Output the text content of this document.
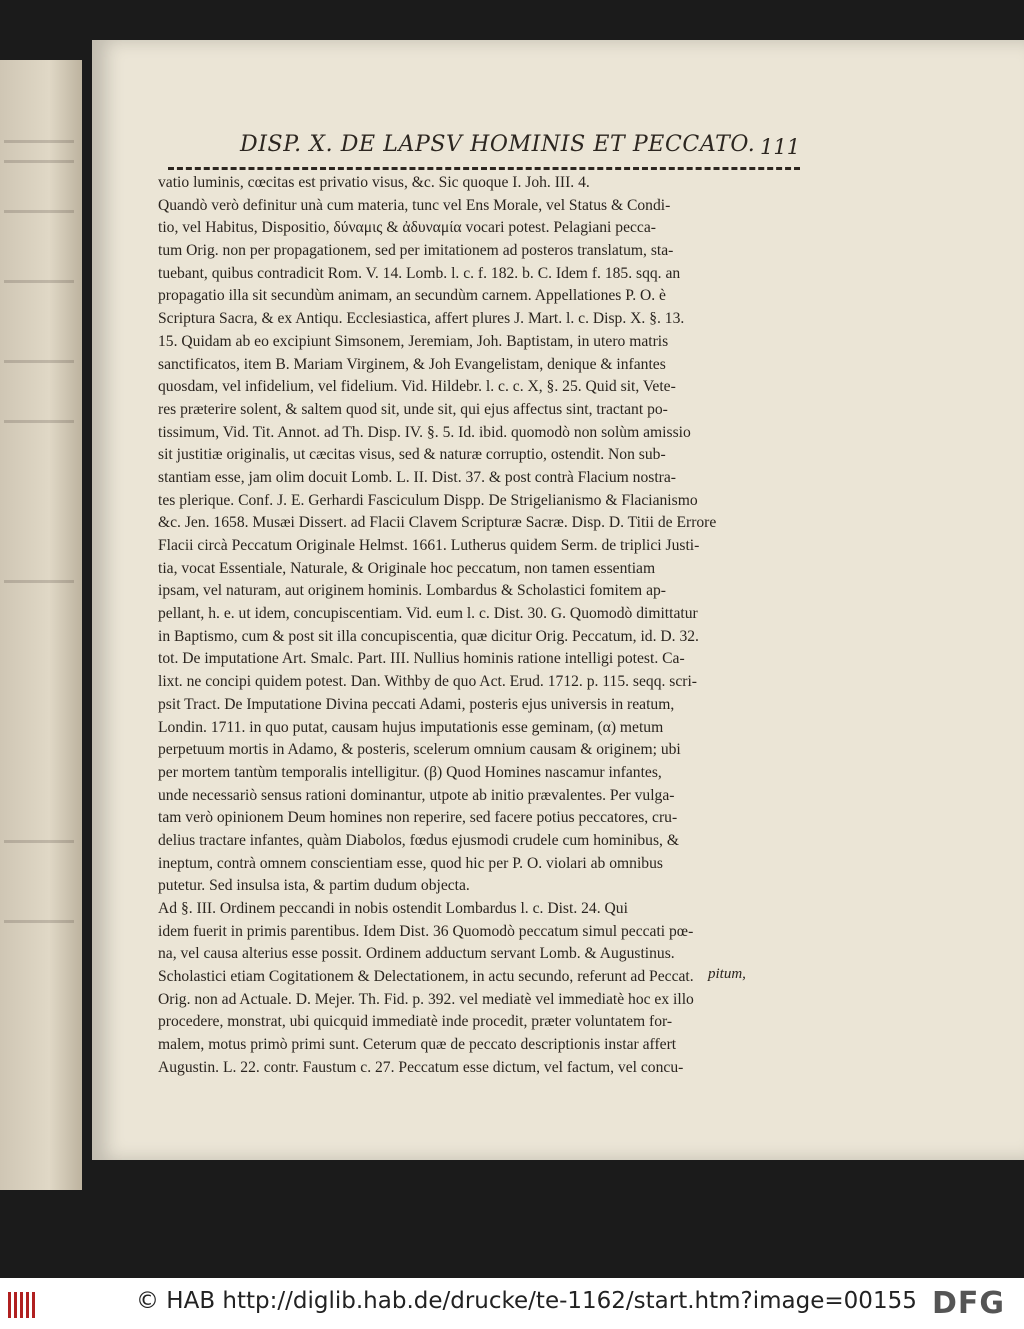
DISP. X. DE LAPSV HOMINIS ET PECCATO. 111
vatio luminis, cœcitas est privatio visus, &c. Sic quoque I. Joh. III. 4.
Quandò verò definitur unà cum materia, tunc vel Ens Morale, vel Status & Condi-
tio, vel Habitus, Dispositio, δύναμις & ἀδυναμία vocari potest. Pelagiani pecca-
tum Orig. non per propagationem, sed per imitationem ad posteros translatum, sta-
tuebant, quibus contradicit Rom. V. 14. Lomb. l. c. f. 182. b. C. Idem f. 185. sqq. an
propagatio illa sit secundùm animam, an secundùm carnem. Appellationes P. O. è
Scriptura Sacra, & ex Antiqu. Ecclesiastica, affert plures J. Mart. l. c. Disp. X. §. 13.
15. Quidam ab eo excipiunt Simsonem, Jeremiam, Joh. Baptistam, in utero matris
sanctificatos, item B. Mariam Virginem, & Joh Evangelistam, denique & infantes
quosdam, vel infidelium, vel fidelium. Vid. Hildebr. l. c. c. X, §. 25. Quid sit, Vete-
res præterire solent, & saltem quod sit, unde sit, qui ejus affectus sint, tractant po-
tissimum, Vid. Tit. Annot. ad Th. Disp. IV. §. 5. Id. ibid. quomodò non solùm amissio
sit justitiæ originalis, ut cæcitas visus, sed & naturæ corruptio, ostendit. Non sub-
stantiam esse, jam olim docuit Lomb. L. II. Dist. 37. & post contrà Flacium nostra-
tes plerique. Conf. J. E. Gerhardi Fasciculum Dispp. De Strigelianismo & Flacianismo
&c. Jen. 1658. Musæi Dissert. ad Flacii Clavem Scripturæ Sacræ. Disp. D. Titii de Errore
Flacii circà Peccatum Originale Helmst. 1661. Lutherus quidem Serm. de triplici Justi-
tia, vocat Essentiale, Naturale, & Originale hoc peccatum, non tamen essentiam
ipsam, vel naturam, aut originem hominis. Lombardus & Scholastici fomitem ap-
pellant, h. e. ut idem, concupiscentiam. Vid. eum l. c. Dist. 30. G. Quomodò dimittatur
in Baptismo, cum & post sit illa concupiscentia, quæ dicitur Orig. Peccatum, id. D. 32.
tot. De imputatione Art. Smalc. Part. III. Nullius hominis ratione intelligi potest. Ca-
lixt. ne concipi quidem potest. Dan. Withby de quo Act. Erud. 1712. p. 115. seqq. scri-
psit Tract. De Imputatione Divina peccati Adami, posteris ejus universis in reatum,
Londin. 1711. in quo putat, causam hujus imputationis esse geminam, (α) metum
perpetuum mortis in Adamo, & posteris, scelerum omnium causam & originem; ubi
per mortem tantùm temporalis intelligitur. (β) Quod Homines nascamur infantes,
unde necessariò sensus rationi dominantur, utpote ab initio prævalentes. Per vulga-
tam verò opinionem Deum homines non reperire, sed facere potius peccatores, cru-
delius tractare infantes, quàm Diabolos, fœdus ejusmodi crudele cum hominibus, &
ineptum, contrà omnem conscientiam esse, quod hic per P. O. violari ab omnibus
putetur. Sed insulsa ista, & partim dudum objecta.
Ad §. III. Ordinem peccandi in nobis ostendit Lombardus l. c. Dist. 24. Qui
idem fuerit in primis parentibus. Idem Dist. 36 Quomodò peccatum simul peccati pœ-
na, vel causa alterius esse possit. Ordinem adductum servant Lomb. & Augustinus.
Scholastici etiam Cogitationem & Delectationem, in actu secundo, referunt ad Peccat.
Orig. non ad Actuale. D. Mejer. Th. Fid. p. 392. vel mediatè vel immediatè hoc ex illo
procedere, monstrat, ubi quicquid immediatè inde procedit, præter voluntatem for-
malem, motus primò primi sunt. Ceterum quæ de peccato descriptionis instar affert
Augustin. L. 22. contr. Faustum c. 27. Peccatum esse dictum, vel factum, vel concu-
pitum,
© HAB http://diglib.hab.de/drucke/te-1162/start.htm?image=00155 DFG
